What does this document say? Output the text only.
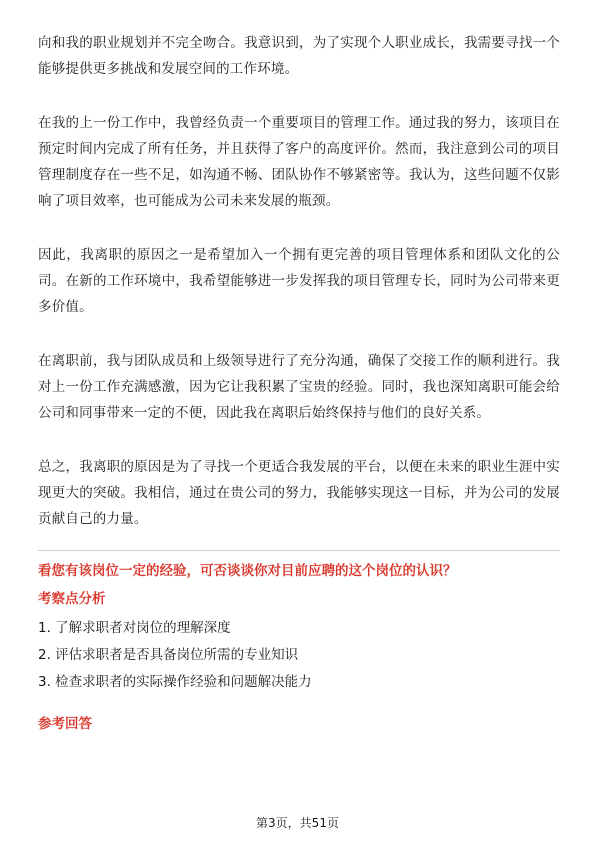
向和我的职业规划并不完全吻合。我意识到，为了实现个人职业成长，我需要寻找一个能够提供更多挑战和发展空间的工作环境。

在我的上一份工作中，我曾经负责一个重要项目的管理工作。通过我的努力，该项目在预定时间内完成了所有任务，并且获得了客户的高度评价。然而，我注意到公司的项目管理制度存在一些不足，如沟通不畅、团队协作不够紧密等。我认为，这些问题不仅影响了项目效率，也可能成为公司未来发展的瓶颈。

因此，我离职的原因之一是希望加入一个拥有更完善的项目管理体系和团队文化的公司。在新的工作环境中，我希望能够进一步发挥我的项目管理专长，同时为公司带来更多价值。

在离职前，我与团队成员和上级领导进行了充分沟通，确保了交接工作的顺利进行。我对上一份工作充满感激，因为它让我积累了宝贵的经验。同时，我也深知离职可能会给公司和同事带来一定的不便，因此我在离职后始终保持与他们的良好关系。

总之，我离职的原因是为了寻找一个更适合我发展的平台，以便在未来的职业生涯中实现更大的突破。我相信，通过在贵公司的努力，我能够实现这一目标，并为公司的发展贡献自己的力量。

看您有该岗位一定的经验，可否谈谈你对目前应聘的这个岗位的认识？

考察点分析

1. 了解求职者对岗位的理解深度
2. 评估求职者是否具备岗位所需的专业知识
3. 检查求职者的实际操作经验和问题解决能力

参考回答

第3页，共51页
